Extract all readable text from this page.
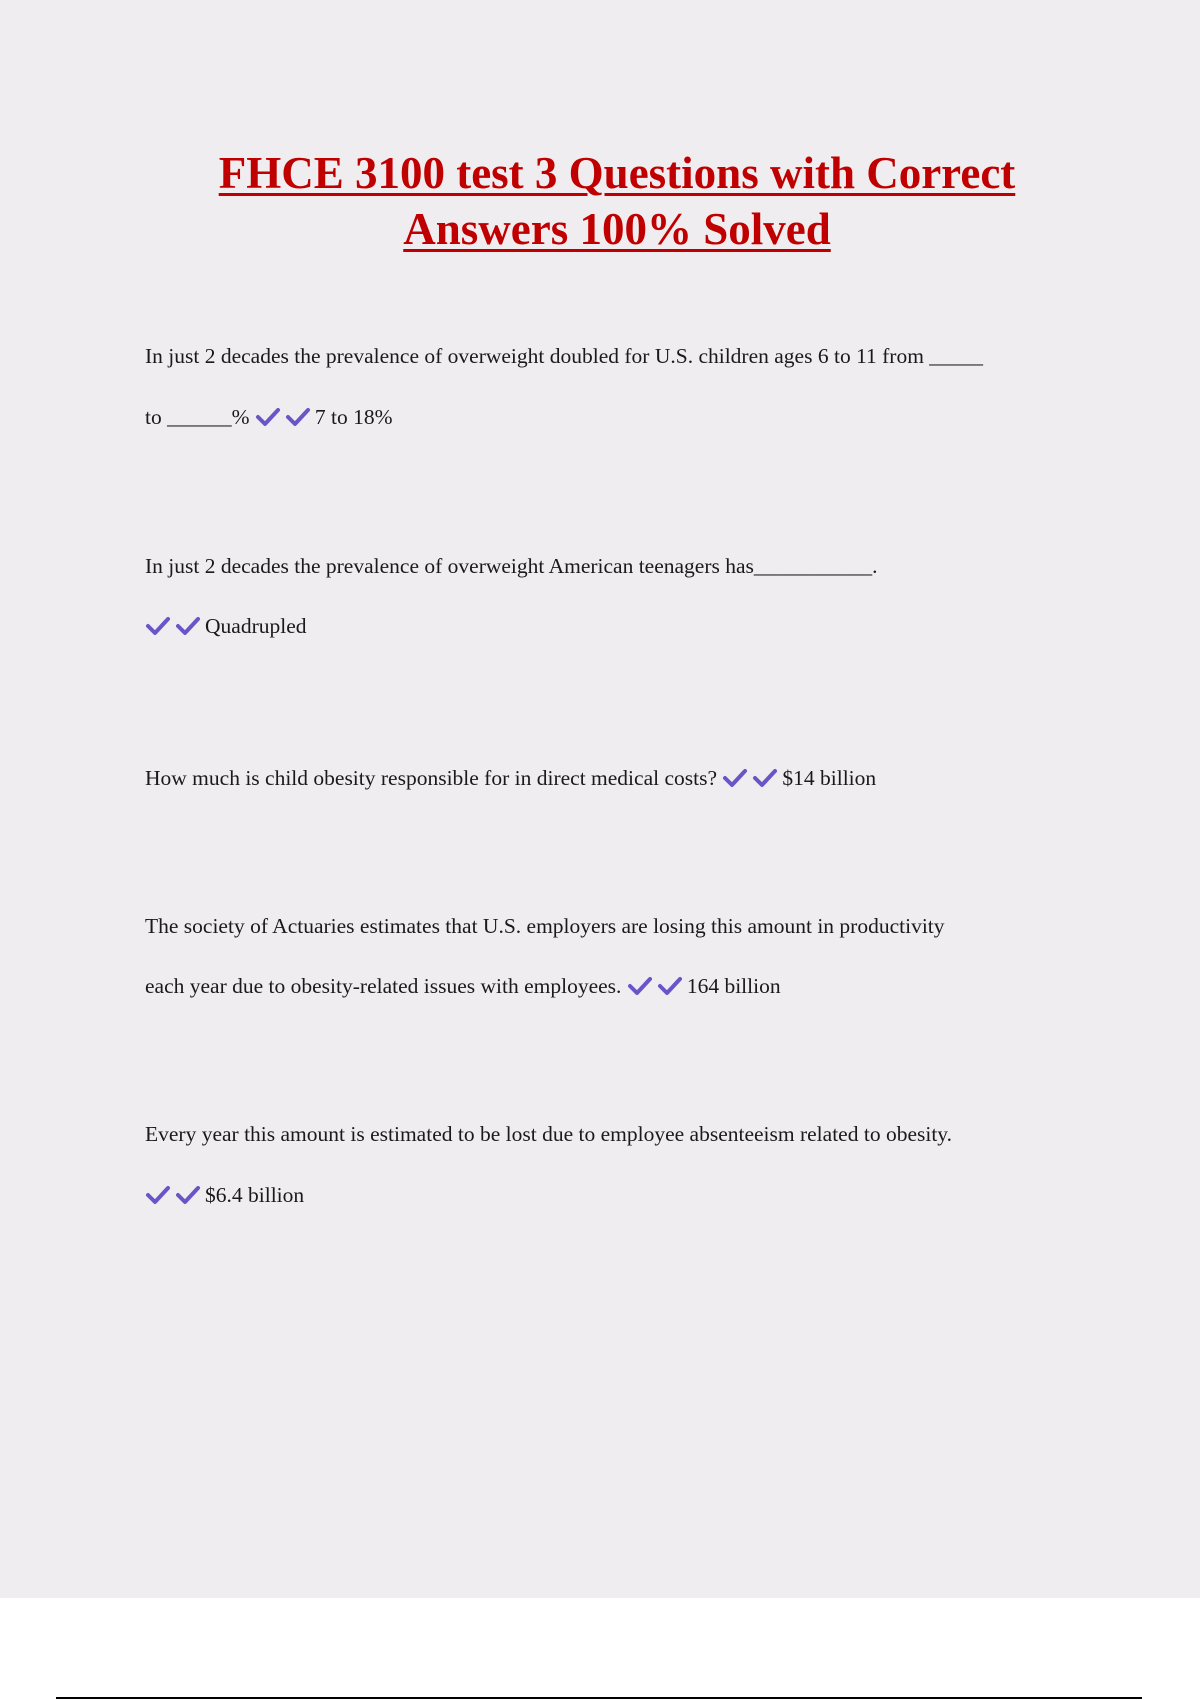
FHCE 3100 test 3 Questions with Correct
Answers 100% Solved
In just 2 decades the prevalence of overweight doubled for U.S. children ages 6 to 11 from _____
to ______%	7 to 18%
In just 2 decades the prevalence of overweight American teenagers has___________.
Quadrupled
How much is child obesity responsible for in direct medical costs?	$14 billion
The society of Actuaries estimates that U.S. employers are losing this amount in productivity
each year due to obesity-related issues with employees.	164 billion
Every year this amount is estimated to be lost due to employee absenteeism related to obesity.
$6.4 billion
